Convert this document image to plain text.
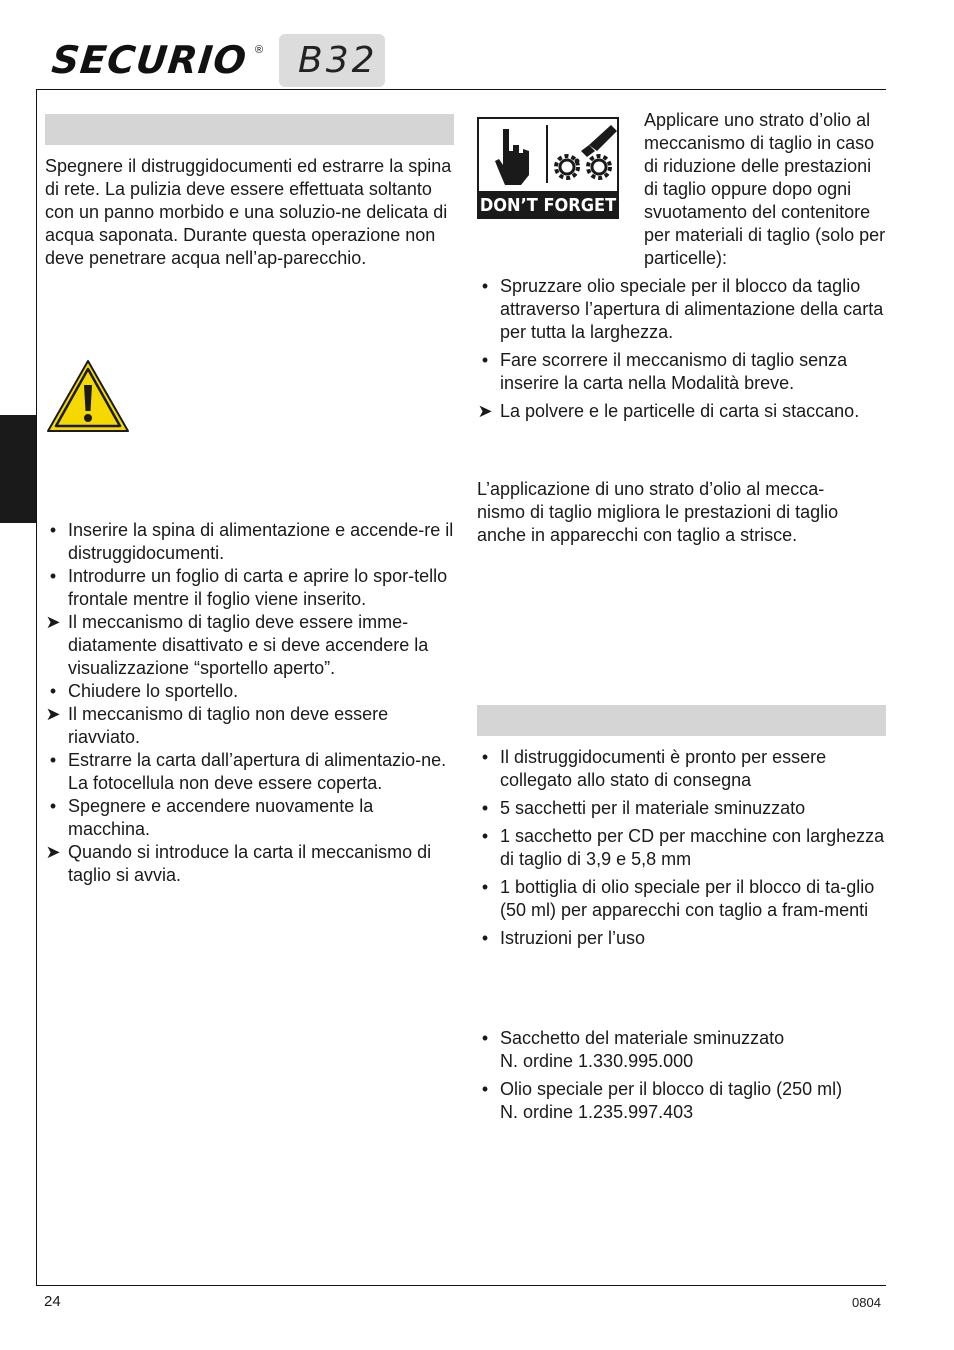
SECURIO ® B32

Spegnere il distruggidocumenti ed estrarre la spina di rete. La pulizia deve essere effettuata soltanto con un panno morbido e una soluzio-ne delicata di acqua saponata. Durante questa operazione non deve penetrare acqua nell’ap-parecchio.

• Inserire la spina di alimentazione e accende-re il distruggidocumenti.
• Introdurre un foglio di carta e aprire lo spor-tello frontale mentre il foglio viene inserito.
➤ Il meccanismo di taglio deve essere imme-diatamente disattivato e si deve accendere la visualizzazione “sportello aperto”.
• Chiudere lo sportello.
➤ Il meccanismo di taglio non deve essere riavviato.
• Estrarre la carta dall’apertura di alimentazio-ne. La fotocellula non deve essere coperta.
• Spegnere e accendere nuovamente la macchina.
➤ Quando si introduce la carta il meccanismo di taglio si avvia.
DON’T FORGET

Applicare uno strato d’olio al meccanismo di taglio in caso di riduzione delle prestazioni di taglio oppure dopo ogni svuotamento del contenitore per materiali di taglio (solo per particelle):

• Spruzzare olio speciale per il blocco da taglio attraverso l’apertura di alimentazione della carta per tutta la larghezza.
• Fare scorrere il meccanismo di taglio senza inserire la carta nella Modalità breve.
➤ La polvere e le particelle di carta si staccano.

L’applicazione di uno strato d’olio al mecca-nismo di taglio migliora le prestazioni di taglio anche in apparecchi con taglio a strisce.

• Il distruggidocumenti è pronto per essere collegato allo stato di consegna
• 5 sacchetti per il materiale sminuzzato
• 1 sacchetto per CD per macchine con larghezza di taglio di 3,9 e 5,8 mm
• 1 bottiglia di olio speciale per il blocco di ta-glio (50 ml) per apparecchi con taglio a fram-menti
• Istruzioni per l’uso
• Sacchetto del materiale sminuzzato
N. ordine 1.330.995.000
• Olio speciale per il blocco di taglio (250 ml)
N. ordine 1.235.997.403
24	0804
